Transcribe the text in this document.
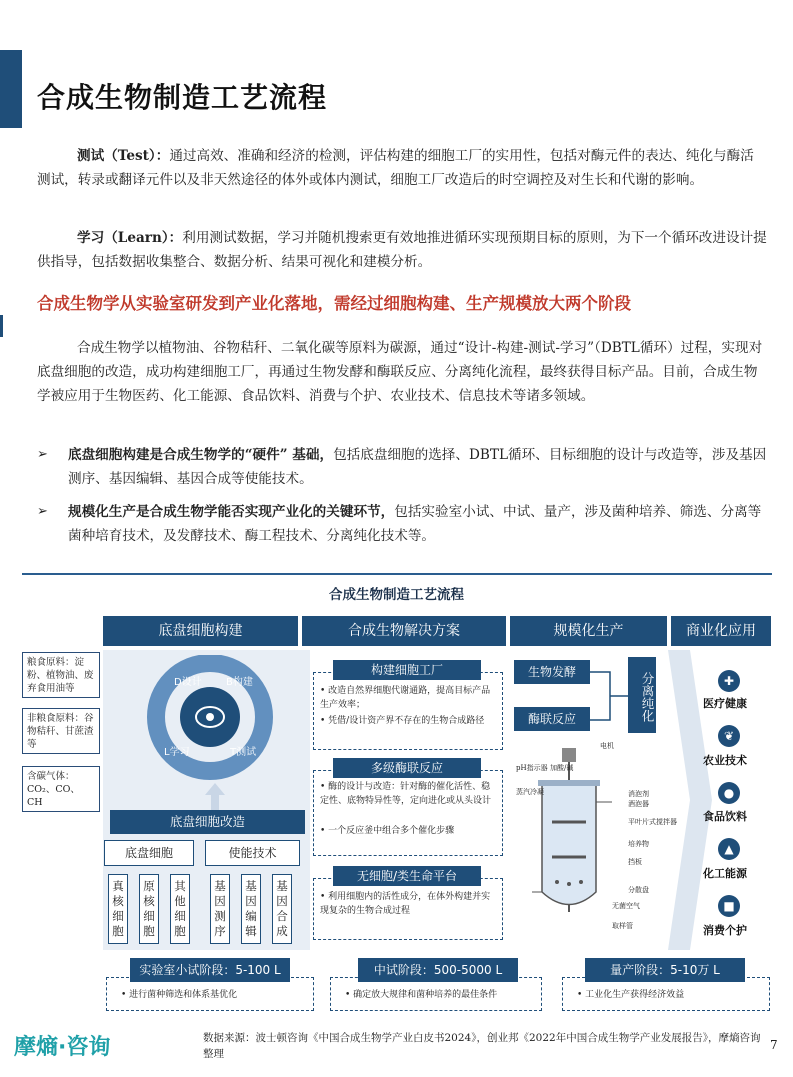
合成生物制造工艺流程
测试（Test）：通过高效、准确和经济的检测，评估构建的细胞工厂的实用性，包括对酶元件的表达、纯化与酶活测试，转录或翻译元件以及非天然途径的体外或体内测试，细胞工厂改造后的时空调控及对生长和代谢的影响。
学习（Learn）：利用测试数据，学习并随机搜索更有效地推进循环实现预期目标的原则，为下一个循环改进设计提供指导，包括数据收集整合、数据分析、结果可视化和建模分析。
合成生物学从实验室研发到产业化落地，需经过细胞构建、生产规模放大两个阶段
合成生物学以植物油、谷物秸秆、二氧化碳等原料为碳源，通过“设计-构建-测试-学习”（DBTL循环）过程，实现对底盘细胞的改造，成功构建细胞工厂，再通过生物发酵和酶联反应、分离纯化流程，最终获得目标产品。目前，合成生物学被应用于生物医药、化工能源、食品饮料、消费与个护、农业技术、信息技术等诸多领域。
➢ 底盘细胞构建是合成生物学的“硬件” 基础，包括底盘细胞的选择、DBTL循环、目标细胞的设计与改造等，涉及基因测序、基因编辑、基因合成等使能技术。
➢ 规模化生产是合成生物学能否实现产业化的关键环节，包括实验室小试、中试、量产，涉及菌种培养、筛选、分离等菌种培育技术，及发酵技术、酶工程技术、分离纯化技术等。
合成生物制造工艺流程
底盘细胞构建	合成生物解决方案	规模化生产	商业化应用
粮食原料：淀粉、植物油、废弃食用油等
非粮食原料：谷物秸秆、甘蔗渣等
含碳气体：CO₂、CO、CH
D设计 B构建
L学习	T测试
底盘细胞改造
底盘细胞	使能技术
真核细胞
原核细胞
其他细胞
基因测序
基因编辑
基因合成
构建细胞工厂
• 改造自然界细胞代谢通路，提高目标产品生产效率；
• 凭借/设计资产界不存在的生物合成路径
多级酶联反应
• 酶的设计与改造：针对酶的催化活性、稳定性、底物特异性等，定向进化或从头设计
• 一个反应釜中组合多个催化步骤
无细胞/类生命平台
• 利用细胞内的活性成分，在体外构建并实现复杂的生物合成过程
生物发酵
酶联反应	分离纯化
电机
pH指示器 加酸/碱
蒸汽冷凝	消泡剂
酒泡器
平叶片式搅拌器
培养物
挡板
分散盘
无菌空气
取样管
✚
医疗健康
❦
农业技术
●
食品饮料
▲
化工能源
■
消费个护
• 进行菌种筛选和体系基优化
实验室小试阶段：5-100 L
• 确定放大规律和菌种培养的最佳条件
中试阶段：500-5000 L
• 工业化生产获得经济效益
量产阶段：5-10万 L
摩熵·咨询	数据来源：波士顿咨询《中国合成生物学产业白皮书2024》，创业邦《2022年中国合成生物学产业发展报告》，摩熵咨询整理
7
